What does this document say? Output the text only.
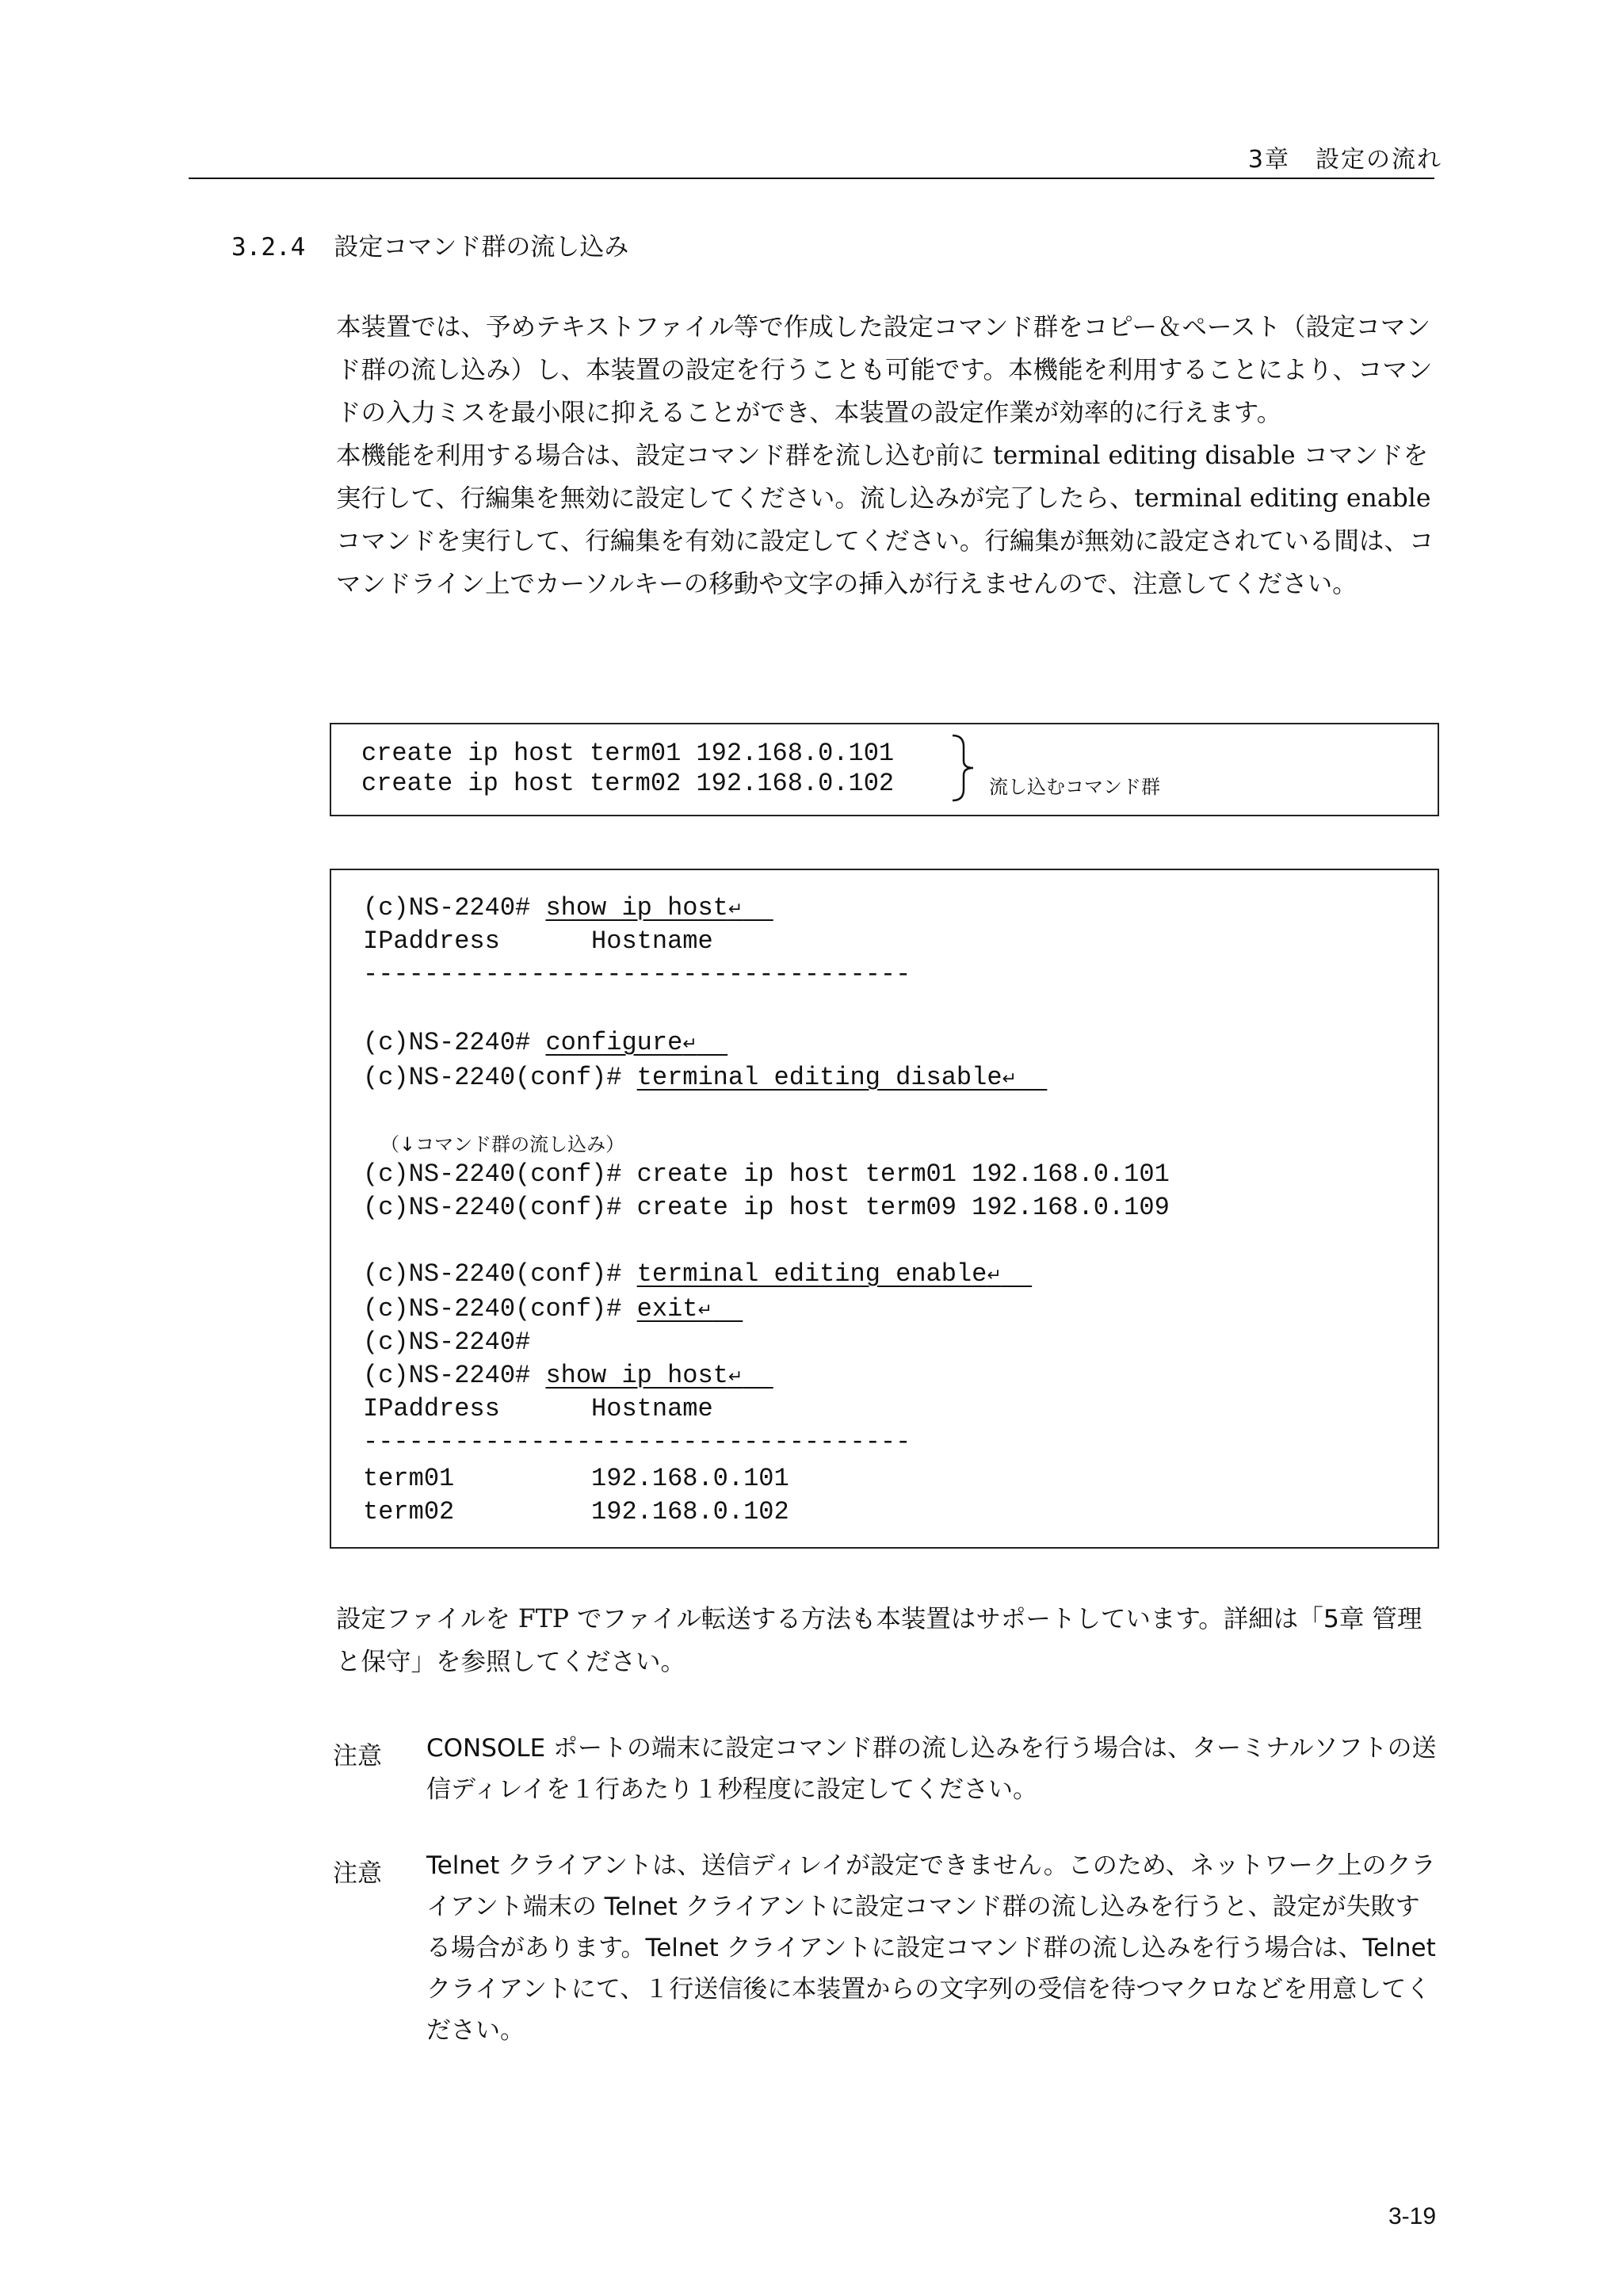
3章　設定の流れ
3.2.4 設定コマンド群の流し込み

本装置では、予めテキストファイル等で作成した設定コマンド群をコピー＆ペースト（設定コマンド群の流し込み）し、本装置の設定を行うことも可能です。本機能を利用することにより、コマンドの入力ミスを最小限に抑えることができ、本装置の設定作業が効率的に行えます。

本機能を利用する場合は、設定コマンド群を流し込む前に terminal editing disable コマンドを実行して、行編集を無効に設定してください。流し込みが完了したら、terminal editing enable コマンドを実行して、行編集を有効に設定してください。行編集が無効に設定されている間は、コマンドライン上でカーソルキーの移動や文字の挿入が行えませんので、注意してください。

create ip host term01 192.168.0.101
create ip host term02 192.168.0.102	流し込むコマンド群
(c)NS-2240# show ip host↵
IPaddress      Hostname
------------------------------------
(c)NS-2240# configure↵
(c)NS-2240(conf)# terminal editing disable↵
（↓コマンド群の流し込み）
(c)NS-2240(conf)# create ip host term01 192.168.0.101
(c)NS-2240(conf)# create ip host term09 192.168.0.109
(c)NS-2240(conf)# terminal editing enable↵
(c)NS-2240(conf)# exit↵
(c)NS-2240#
(c)NS-2240# show ip host↵
IPaddress      Hostname
------------------------------------
term01         192.168.0.101
term02         192.168.0.102
設定ファイルを FTP でファイル転送する方法も本装置はサポートしています。詳細は「5章 管理と保守」を参照してください。
注意 CONSOLE ポートの端末に設定コマンド群の流し込みを行う場合は、ターミナルソフトの送信ディレイを１行あたり１秒程度に設定してください。
注意 Telnet クライアントは、送信ディレイが設定できません。このため、ネットワーク上のクライアント端末の Telnet クライアントに設定コマンド群の流し込みを行うと、設定が失敗する場合があります。Telnet クライアントに設定コマンド群の流し込みを行う場合は、Telnet クライアントにて、１行送信後に本装置からの文字列の受信を待つマクロなどを用意してください。
3-19
